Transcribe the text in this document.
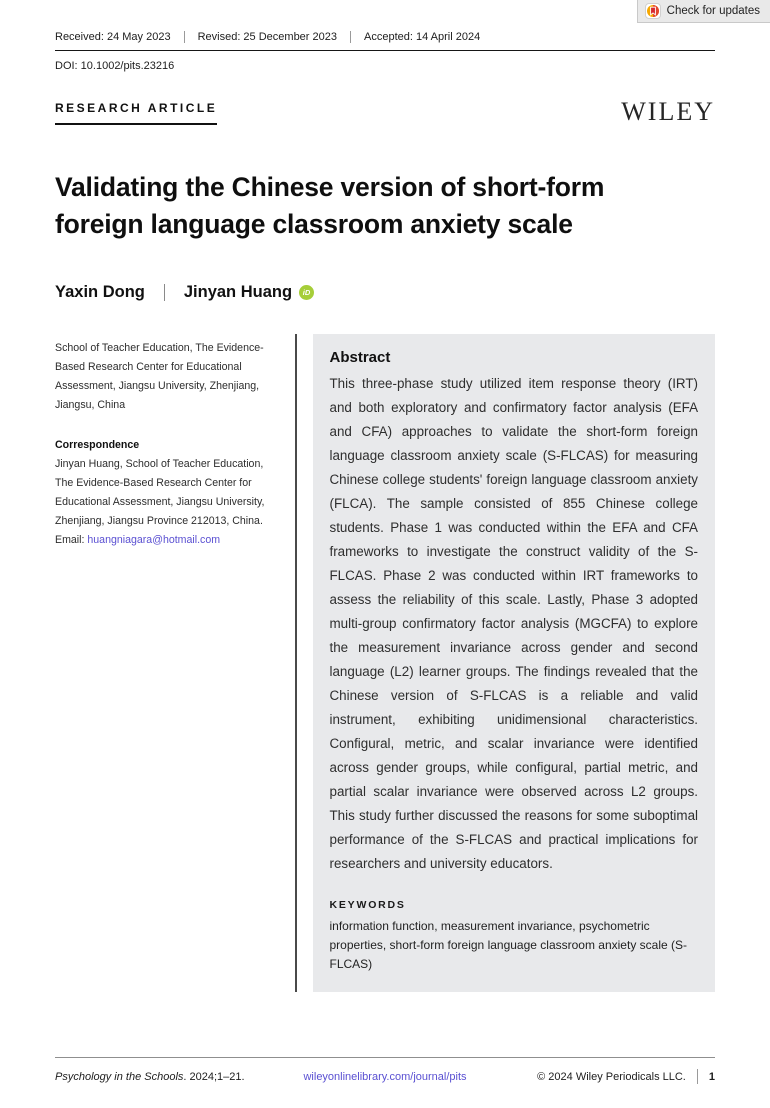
Check for updates
Received: 24 May 2023	Revised: 25 December 2023	Accepted: 14 April 2024
DOI: 10.1002/pits.23216
RESEARCH ARTICLE	WILEY
Validating the Chinese version of short-form foreign language classroom anxiety scale
Yaxin Dong Jinyan Huang	iD

School of Teacher Education, The Evidence-Based Research Center for Educational Assessment, Jiangsu University, Zhenjiang, Jiangsu, China

Correspondence

Jinyan Huang, School of Teacher Education, The Evidence-Based Research Center for Educational Assessment, Jiangsu University, Zhenjiang, Jiangsu Province 212013, China.

Email: huangniagara@hotmail.com

Abstract
This three-phase study utilized item response theory (IRT) and both exploratory and confirmatory factor analysis (EFA and CFA) approaches to validate the short-form foreign language classroom anxiety scale (S-FLCAS) for measuring Chinese college students' foreign language classroom anxiety (FLCA). The sample consisted of 855 Chinese college students. Phase 1 was conducted within the EFA and CFA frameworks to investigate the construct validity of the S-FLCAS. Phase 2 was conducted within IRT frameworks to assess the reliability of this scale. Lastly, Phase 3 adopted multi-group confirmatory factor analysis (MGCFA) to explore the measurement invariance across gender and second language (L2) learner groups. The findings revealed that the Chinese version of S-FLCAS is a reliable and valid instrument, exhibiting unidimensional characteristics. Configural, metric, and scalar invariance were identified across gender groups, while configural, partial metric, and partial scalar invariance were observed across L2 groups. This study further discussed the reasons for some suboptimal performance of the S-FLCAS and practical implications for researchers and university educators.
KEYWORDS
information function, measurement invariance, psychometric properties, short-form foreign language classroom anxiety scale (S-FLCAS)
Psychology in the Schools. 2024;1–21.	wileyonlinelibrary.com/journal/pits	© 2024 Wiley Periodicals LLC. 1
